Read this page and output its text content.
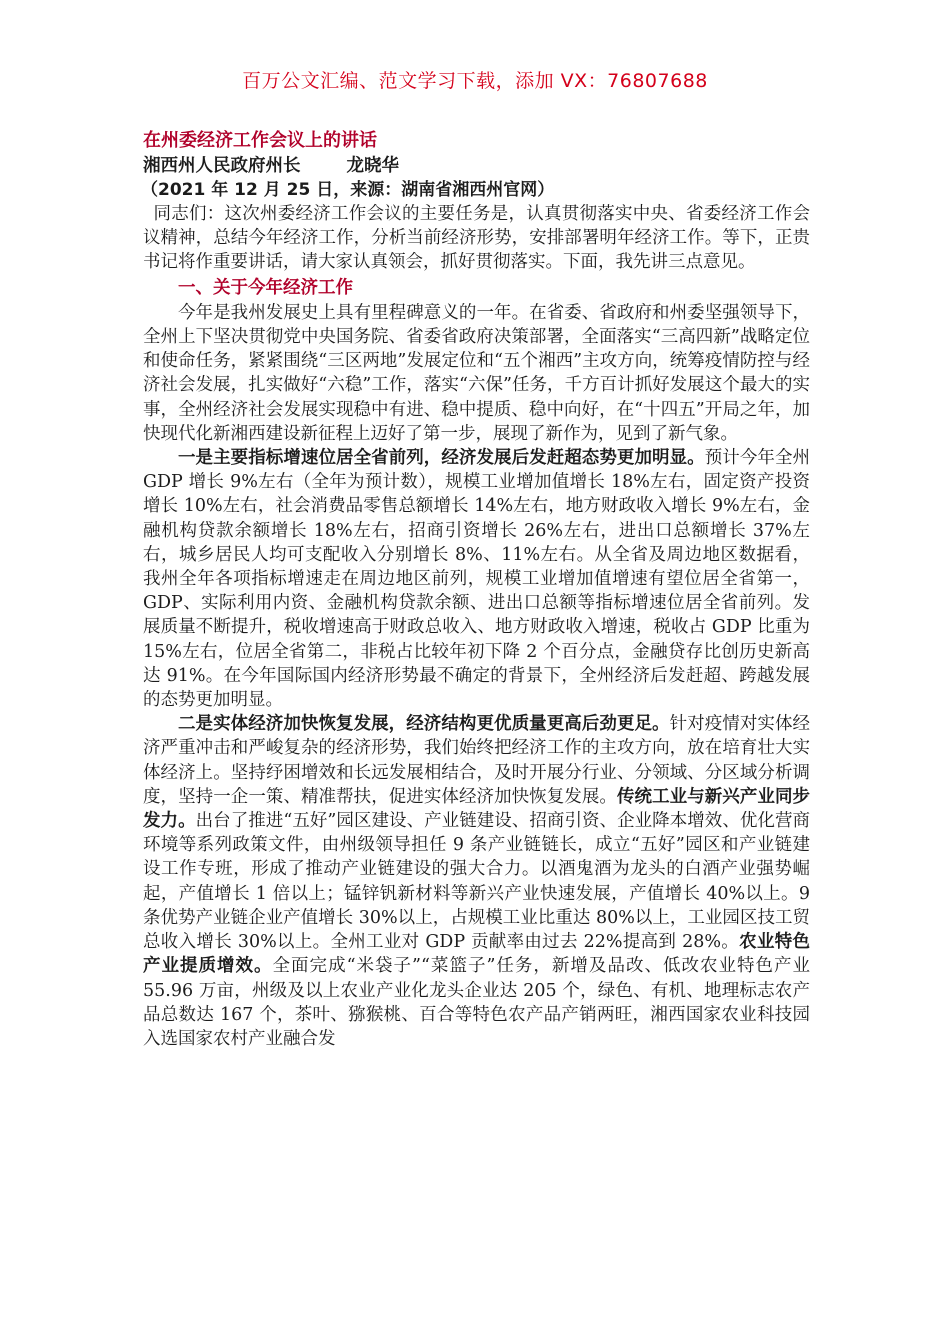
百万公文汇编、范文学习下载，添加 VX：76807688
在州委经济工作会议上的讲话
湘西州人民政府州长	龙晓华
（2021 年 12 月 25 日，来源：湖南省湘西州官网）

同志们：这次州委经济工作会议的主要任务是，认真贯彻落实中央、省委经济工作会议精神，总结今年经济工作，分析当前经济形势，安排部署明年经济工作。等下，正贵书记将作重要讲话，请大家认真领会，抓好贯彻落实。下面，我先讲三点意见。

一、关于今年经济工作

今年是我州发展史上具有里程碑意义的一年。在省委、省政府和州委坚强领导下，全州上下坚决贯彻党中央国务院、省委省政府决策部署，全面落实“三高四新”战略定位和使命任务，紧紧围绕“三区两地”发展定位和“五个湘西”主攻方向，统筹疫情防控与经济社会发展，扎实做好“六稳”工作，落实“六保”任务，千方百计抓好发展这个最大的实事，全州经济社会发展实现稳中有进、稳中提质、稳中向好，在“十四五”开局之年，加快现代化新湘西建设新征程上迈好了第一步，展现了新作为，见到了新气象。

一是主要指标增速位居全省前列，经济发展后发赶超态势更加明显。预计今年全州 GDP 增长 9%左右（全年为预计数），规模工业增加值增长 18%左右，固定资产投资增长 10%左右，社会消费品零售总额增长 14%左右，地方财政收入增长 9%左右，金融机构贷款余额增长 18%左右，招商引资增长 26%左右，进出口总额增长 37%左右，城乡居民人均可支配收入分别增长 8%、11%左右。从全省及周边地区数据看，我州全年各项指标增速走在周边地区前列，规模工业增加值增速有望位居全省第一，GDP、实际利用内资、金融机构贷款余额、进出口总额等指标增速位居全省前列。发展质量不断提升，税收增速高于财政总收入、地方财政收入增速，税收占 GDP 比重为 15%左右，位居全省第二，非税占比较年初下降 2 个百分点，金融贷存比创历史新高达 91%。在今年国际国内经济形势最不确定的背景下，全州经济后发赶超、跨越发展的态势更加明显。

二是实体经济加快恢复发展，经济结构更优质量更高后劲更足。针对疫情对实体经济严重冲击和严峻复杂的经济形势，我们始终把经济工作的主攻方向，放在培育壮大实体经济上。坚持纾困增效和长远发展相结合，及时开展分行业、分领域、分区域分析调度，坚持一企一策、精准帮扶，促进实体经济加快恢复发展。传统工业与新兴产业同步发力。出台了推进“五好”园区建设、产业链建设、招商引资、企业降本增效、优化营商环境等系列政策文件，由州级领导担任 9 条产业链链长，成立“五好”园区和产业链建设工作专班，形成了推动产业链建设的强大合力。以酒鬼酒为龙头的白酒产业强势崛起，产值增长 1 倍以上；锰锌钒新材料等新兴产业快速发展，产值增长 40%以上。9 条优势产业链企业产值增长 30%以上，占规模工业比重达 80%以上，工业园区技工贸总收入增长 30%以上。全州工业对 GDP 贡献率由过去 22%提高到 28%。农业特色产业提质增效。全面完成“米袋子”“菜篮子”任务，新增及品改、低改农业特色产业 55.96 万亩，州级及以上农业产业化龙头企业达 205 个，绿色、有机、地理标志农产品总数达 167 个，茶叶、猕猴桃、百合等特色农产品产销两旺，湘西国家农业科技园入选国家农村产业融合发
